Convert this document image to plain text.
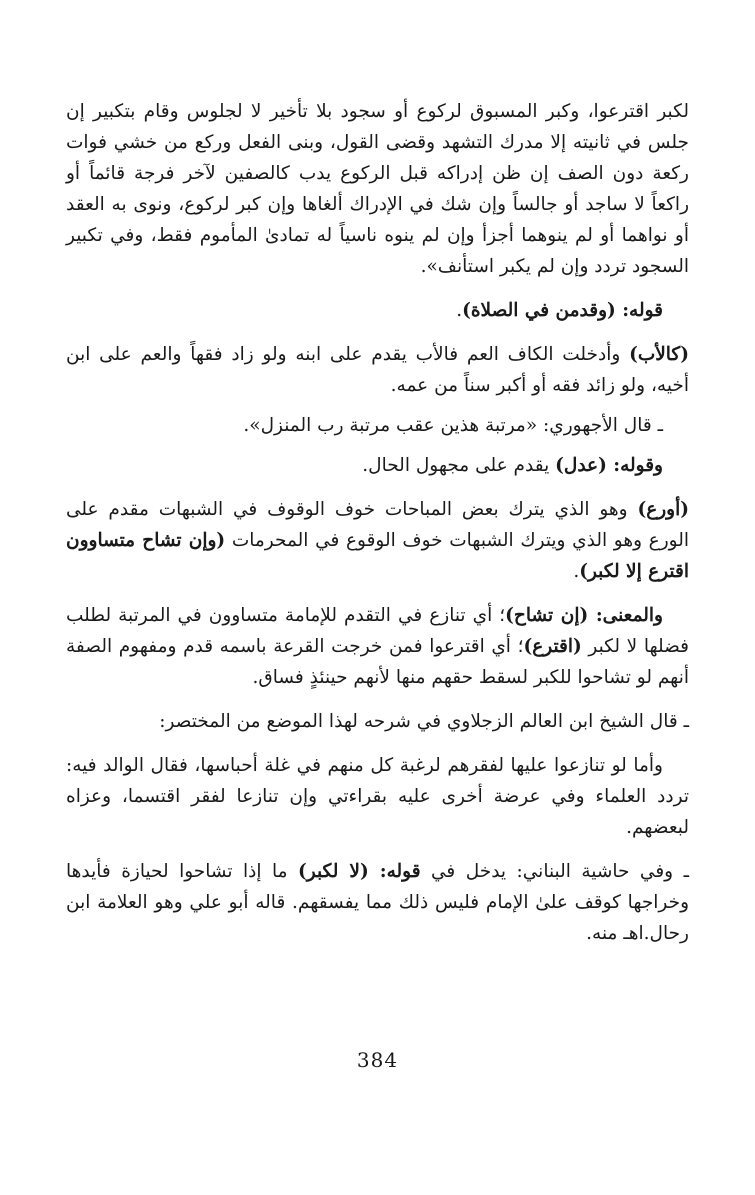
لكبر اقترعوا، وكبر المسبوق لركوع أو سجود بلا تأخير لا لجلوس وقام بتكبير إن جلس في ثانيته إلا مدرك التشهد وقضى القول، وبنى الفعل وركع من خشي فوات ركعة دون الصف إن ظن إدراكه قبل الركوع يدب كالصفين لآخر فرجة قائماً أو راكعاً لا ساجد أو جالساً وإن شك في الإدراك ألغاها وإن كبر لركوع، ونوى به العقد أو نواهما أو لم ينوهما أجزأ وإن لم ينوه ناسياً له تمادىٰ المأموم فقط، وفي تكبير السجود تردد وإن لم يكبر استأنف».

قوله: (وقدمن في الصلاة).

(كالأب) وأدخلت الكاف العم فالأب يقدم على ابنه ولو زاد فقهاً والعم على ابن أخيه، ولو زائد فقه أو أكبر سناً من عمه.

ـ قال الأجهوري: «مرتبة هذين عقب مرتبة رب المنزل».

وقوله: (عدل) يقدم على مجهول الحال.

(أورع) وهو الذي يترك بعض المباحات خوف الوقوف في الشبهات مقدم على الورع وهو الذي ويترك الشبهات خوف الوقوع في المحرمات (وإن تشاح متساوون اقترع إلا لكبر).

والمعنى: (إن تشاح)؛ أي تنازع في التقدم للإمامة متساوون في المرتبة لطلب فضلها لا لكبر (اقترع)؛ أي اقترعوا فمن خرجت القرعة باسمه قدم ومفهوم الصفة أنهم لو تشاحوا للكبر لسقط حقهم منها لأنهم حينئذٍ فساق.

ـ قال الشيخ ابن العالم الزجلاوي في شرحه لهذا الموضع من المختصر:

وأما لو تنازعوا عليها لفقرهم لرغبة كل منهم في غلة أحباسها، فقال الوالد فيه: تردد العلماء وفي عرضة أخرى عليه بقراءتي وإن تنازعا لفقر اقتسما، وعزاه لبعضهم.

ـ وفي حاشية البناني: يدخل في قوله: (لا لكبر) ما إذا تشاحوا لحيازة فأيدها وخراجها كوقف علىٰ الإمام فليس ذلك مما يفسقهم. قاله أبو علي وهو العلامة ابن رحال.اهـ منه.

384
